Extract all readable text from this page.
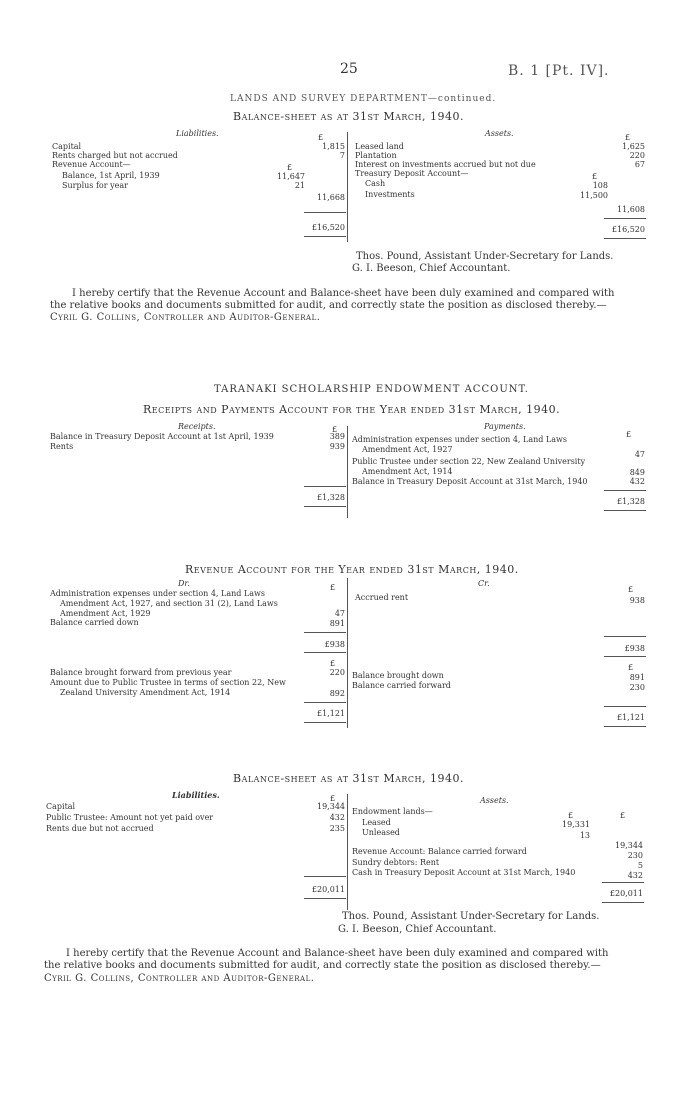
25	B. 1 [Pt. IV].
LANDS AND SURVEY DEPARTMENT—continued.
Balance-sheet as at 31st March, 1940.
Liabilities.	£	Assets.	£
Capital	1,815
Rents charged but not accrued	7
Revenue Account—	£
Balance, 1st April, 1939	11,647
Surplus for year	21
11,668
£16,520
Leased land	1,625
Plantation	220
Interest on investments accrued but not due	67
Treasury Deposit Account—	£
Cash	108
Investments	11,500
11,608
£16,520
Thos. Pound, Assistant Under-Secretary for Lands.
G. I. Beeson, Chief Accountant.
I hereby certify that the Revenue Account and Balance-sheet have been duly examined and compared with
the relative books and documents submitted for audit, and correctly state the position as disclosed thereby.—
Cyril G. Collins, Controller and Auditor-General.
TARANAKI SCHOLARSHIP ENDOWMENT ACCOUNT.
Receipts and Payments Account for the Year ended 31st March, 1940.
Receipts.	£	Payments.
£
Balance in Treasury Deposit Account at 1st April, 1939	389
Rents	939
£1,328
Administration expenses under section 4, Land Laws
Amendment Act, 1927
47
Public Trustee under section 22, New Zealand University
Amendment Act, 1914	849
Balance in Treasury Deposit Account at 31st March, 1940	432
£1,328
Revenue Account for the Year ended 31st March, 1940.
Dr.	£	Cr.
£
Administration expenses under section 4, Land Laws
Amendment Act, 1927, and section 31 (2), Land Laws
Amendment Act, 1929	47
Balance carried down	891
£938
Accrued rent	938
£938
£
Balance brought forward from previous year	220
Amount due to Public Trustee in terms of section 22, New
Zealand University Amendment Act, 1914	892
£1,121
£
Balance brought down	891
Balance carried forward	230
£1,121
Balance-sheet as at 31st March, 1940.
Liabilities.	£	Assets.
Capital	19,344
Public Trustee: Amount not yet paid over	432
Rents due but not accrued	235
£20,011
Endowment lands—	£	£
Leased	19,331
Unleased	13
19,344
Revenue Account: Balance carried forward	230
Sundry debtors: Rent	5
Cash in Treasury Deposit Account at 31st March, 1940	432
£20,011
Thos. Pound, Assistant Under-Secretary for Lands.
G. I. Beeson, Chief Accountant.
I hereby certify that the Revenue Account and Balance-sheet have been duly examined and compared with
the relative books and documents submitted for audit, and correctly state the position as disclosed thereby.—
Cyril G. Collins, Controller and Auditor-General.
